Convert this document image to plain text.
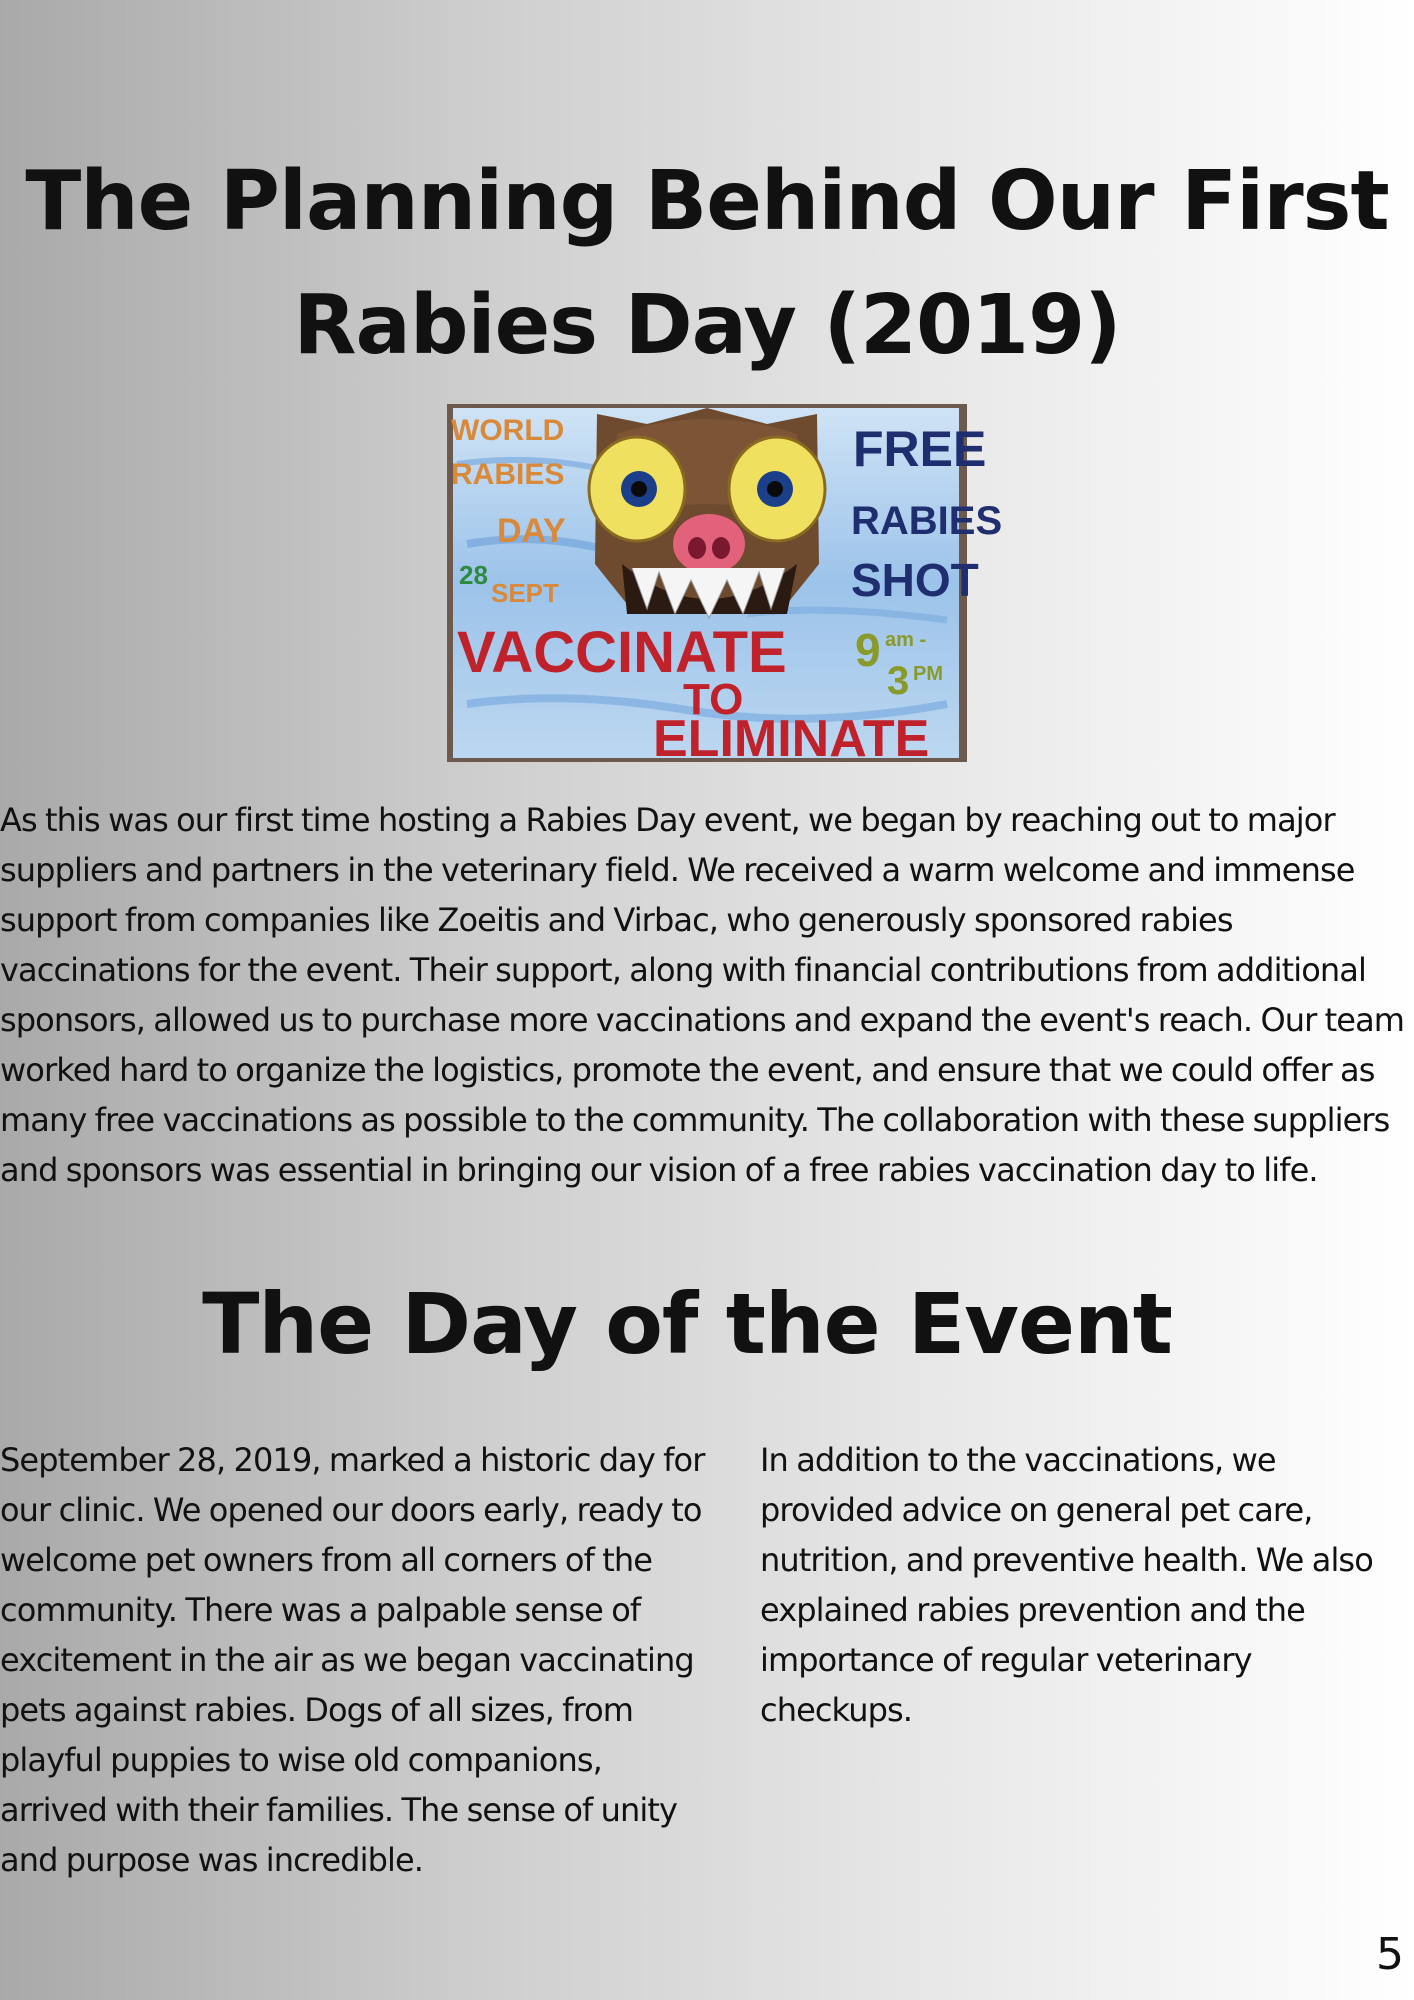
The Planning Behind Our First Rabies Day (2019)
WORLD
RABIES
DAY
28
SEPT
FREE
RABIES
SHOT
9 am -
3 PM
VACCINATE
TO
ELIMINATE

As this was our first time hosting a Rabies Day event, we began by reaching out to major suppliers and partners in the veterinary field. We received a warm welcome and immense support from companies like Zoeitis and Virbac, who generously sponsored rabies vaccinations for the event. Their support, along with financial contributions from additional sponsors, allowed us to purchase more vaccinations and expand the event's reach. Our team worked hard to organize the logistics, promote the event, and ensure that we could offer as many free vaccinations as possible to the community. The collaboration with these suppliers and sponsors was essential in bringing our vision of a free rabies vaccination day to life.

The Day of the Event

September 28, 2019, marked a historic day for our clinic. We opened our doors early, ready to welcome pet owners from all corners of the community. There was a palpable sense of excitement in the air as we began vaccinating pets against rabies. Dogs of all sizes, from playful puppies to wise old companions, arrived with their families. The sense of unity and purpose was incredible.

In addition to the vaccinations, we provided advice on general pet care, nutrition, and preventive health. We also explained rabies prevention and the importance of regular veterinary checkups.

5
